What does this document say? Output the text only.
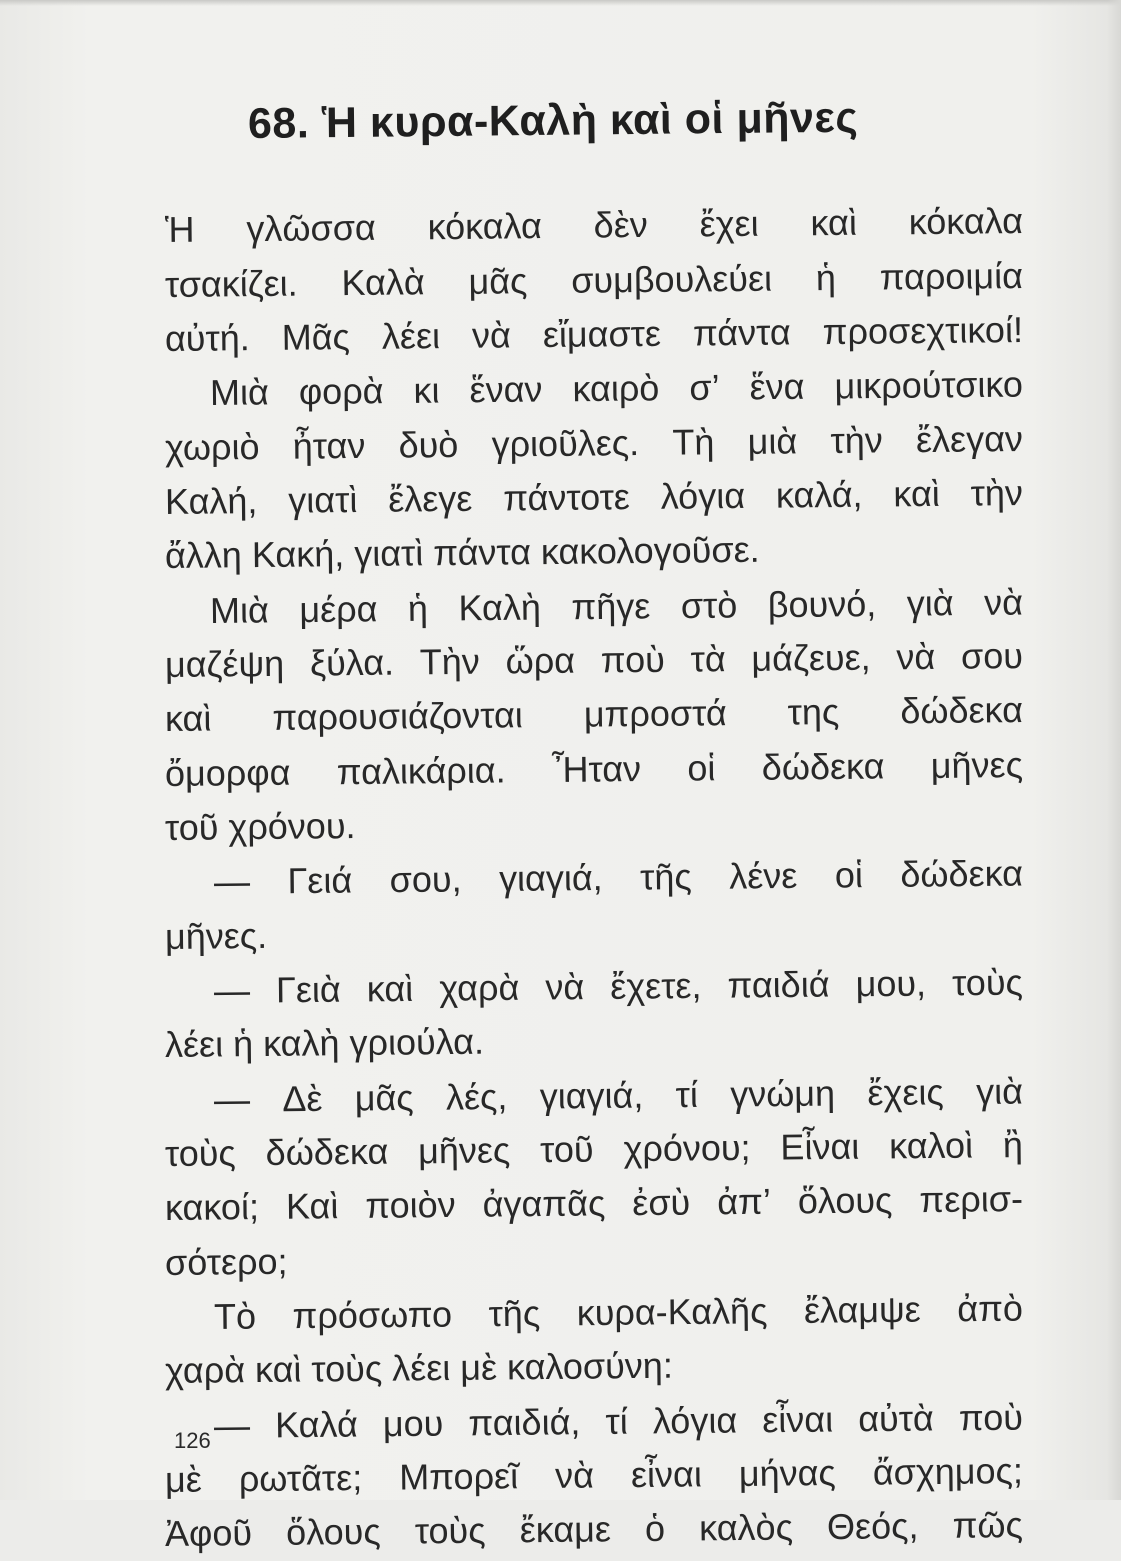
68. Ἡ κυρα-Καλὴ καὶ οἱ μῆνες
Ἡ γλῶσσα κόκαλα δὲν ἔχει καὶ κόκαλα
τσακίζει. Καλὰ μᾶς συμβουλεύει ἡ παροιμία
αὐτή. Μᾶς λέει νὰ εἴμαστε πάντα προσεχτικοί!
Μιὰ φορὰ κι ἕναν καιρὸ σ’ ἕνα μικρούτσικο
χωριὸ ἦταν δυὸ γριοῦλες. Τὴ μιὰ τὴν ἔλεγαν
Καλή, γιατὶ ἔλεγε πάντοτε λόγια καλά, καὶ τὴν
ἄλλη Κακή, γιατὶ πάντα κακολογοῦσε.
Μιὰ μέρα ἡ Καλὴ πῆγε στὸ βουνό, γιὰ νὰ
μαζέψη ξύλα. Τὴν ὥρα ποὺ τὰ μάζευε, νὰ σου
καὶ παρουσιάζονται μπροστά της δώδεκα
ὄμορφα παλικάρια. Ἦταν οἱ δώδεκα μῆνες
τοῦ χρόνου.
— Γειά σου, γιαγιά, τῆς λένε οἱ δώδεκα
μῆνες.
— Γειὰ καὶ χαρὰ νὰ ἔχετε, παιδιά μου, τοὺς
λέει ἡ καλὴ γριούλα.
— Δὲ μᾶς λές, γιαγιά, τί γνώμη ἔχεις γιὰ
τοὺς δώδεκα μῆνες τοῦ χρόνου; Εἶναι καλοὶ ἢ
κακοί; Καὶ ποιὸν ἀγαπᾶς ἐσὺ ἀπ’ ὅλους περισ-
σότερο;
Τὸ πρόσωπο τῆς κυρα-Καλῆς ἔλαμψε ἀπὸ
χαρὰ καὶ τοὺς λέει μὲ καλοσύνη:
— Καλά μου παιδιά, τί λόγια εἶναι αὐτὰ ποὺ
μὲ ρωτᾶτε; Μπορεῖ νὰ εἶναι μήνας ἄσχημος;
Ἀφοῦ ὅλους τοὺς ἔκαμε ὁ καλὸς Θεός, πῶς
126
